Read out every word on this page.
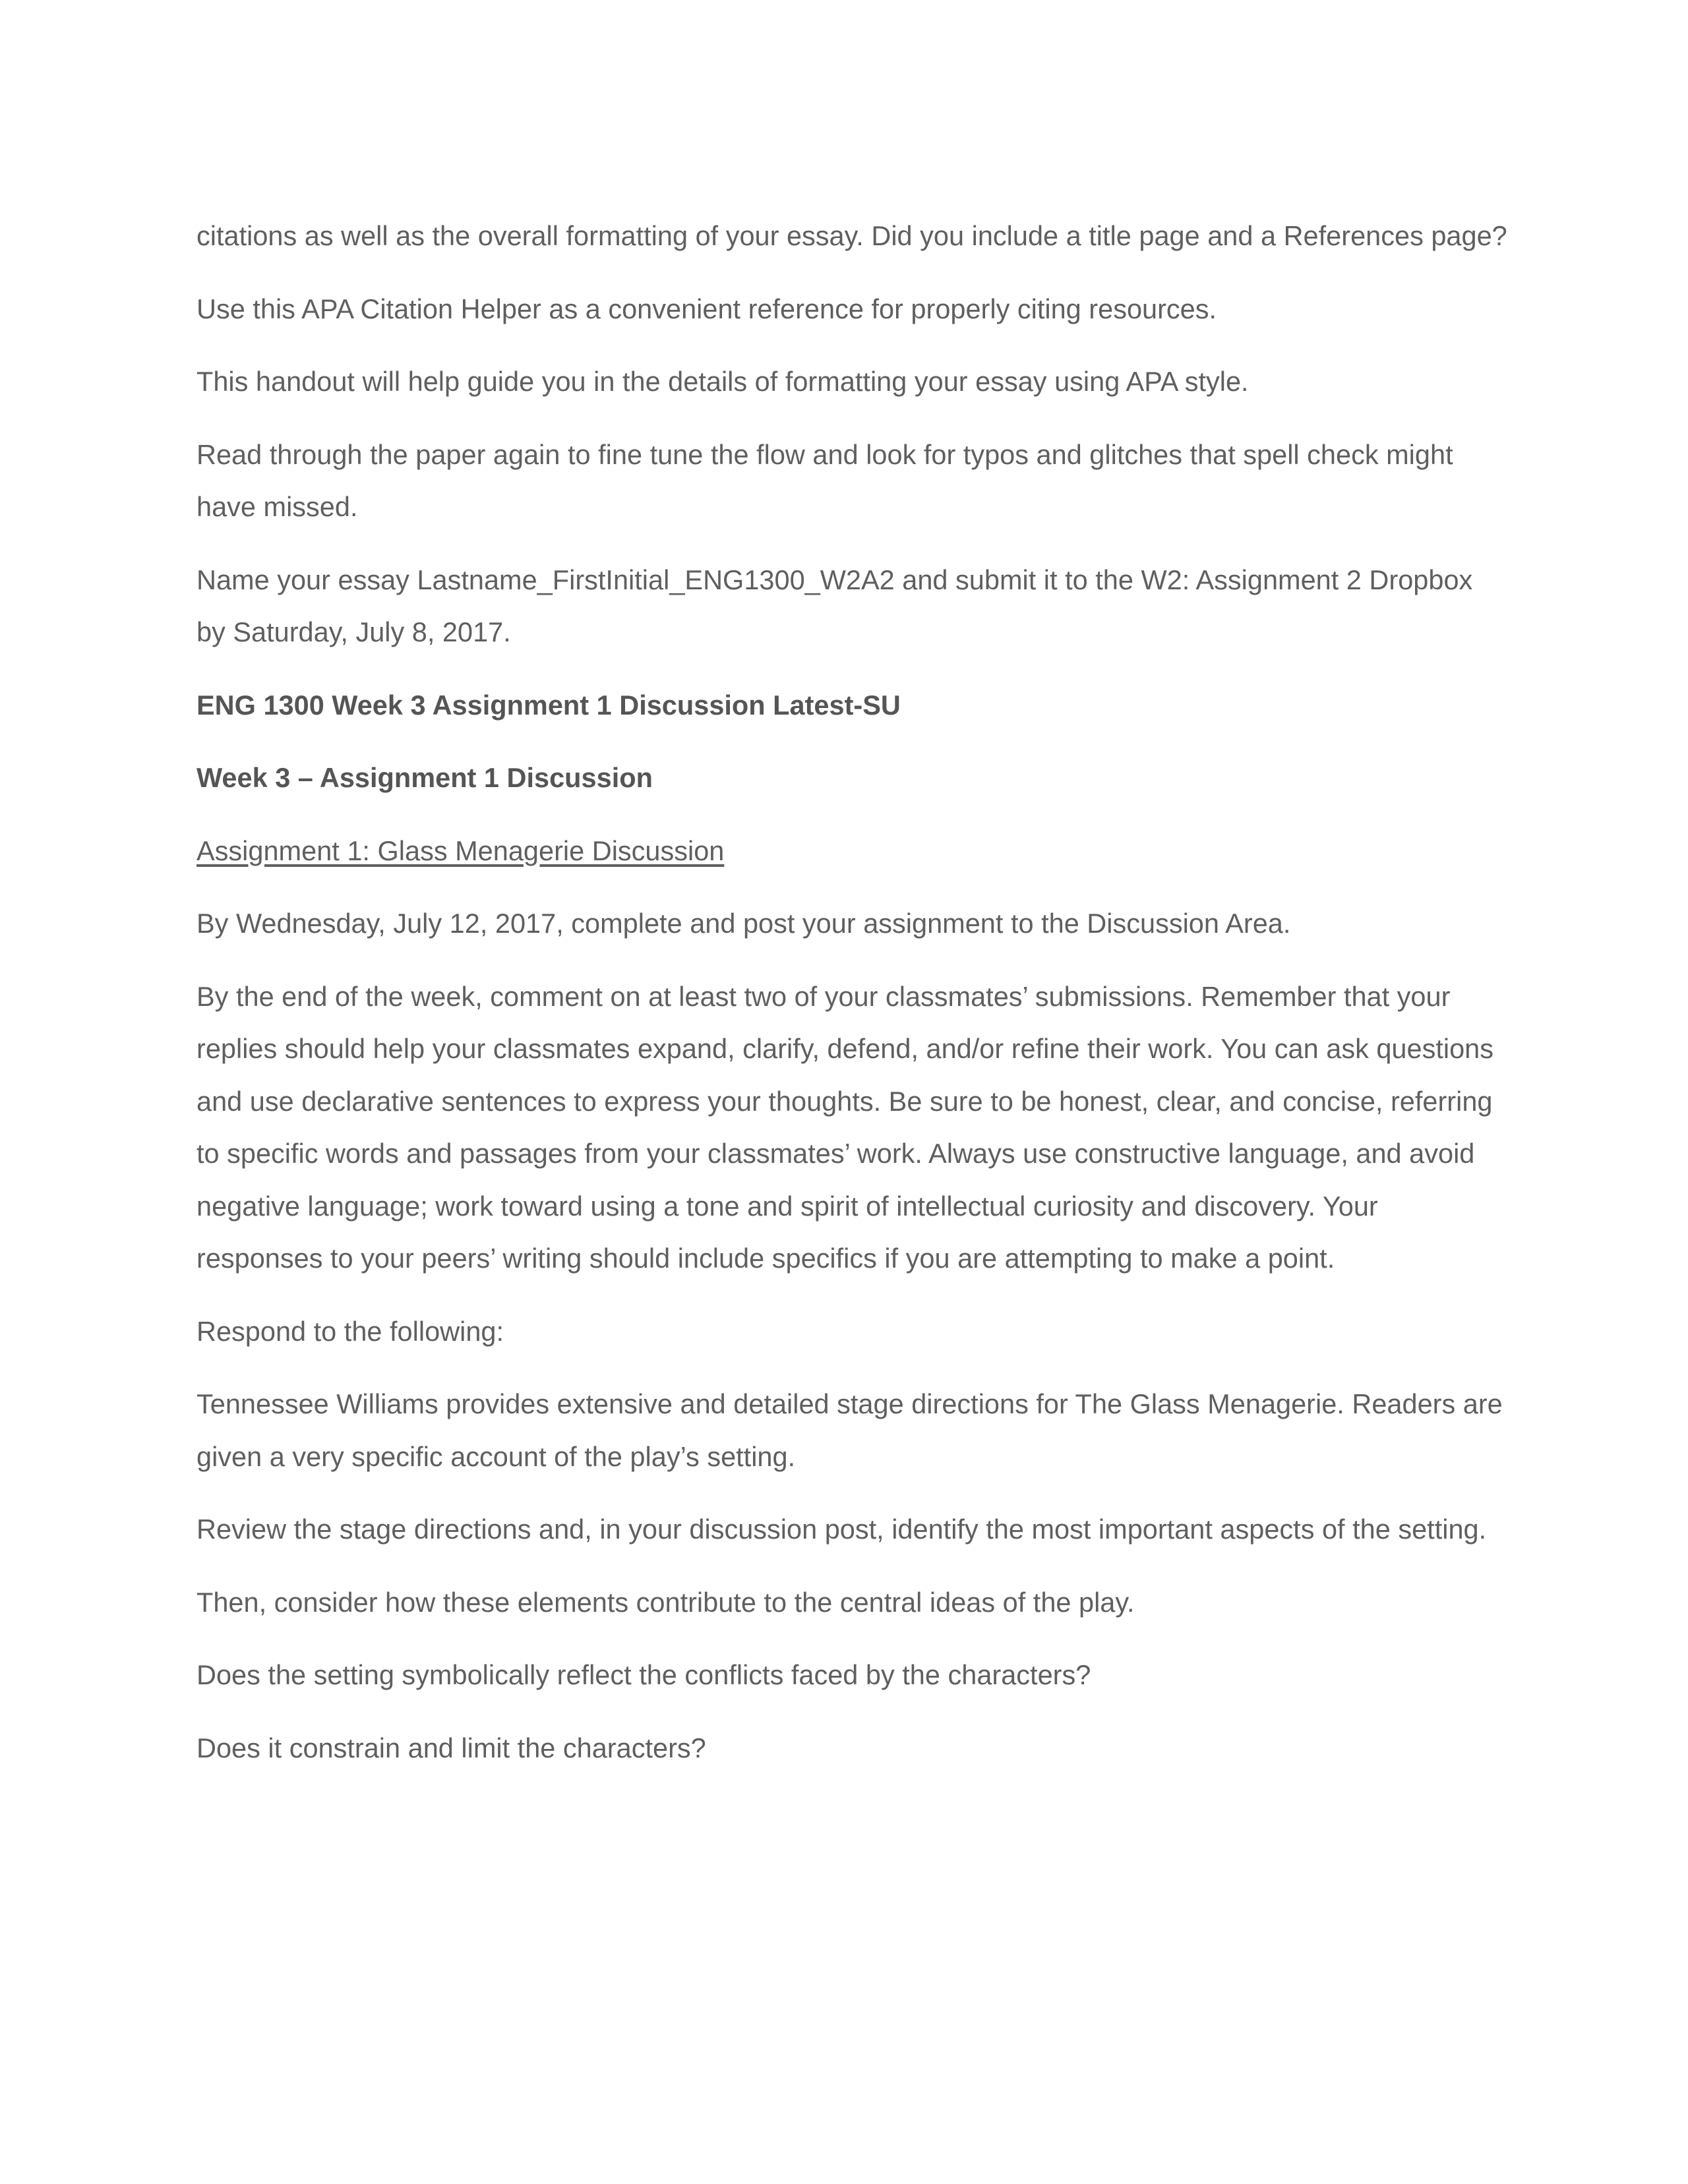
citations as well as the overall formatting of your essay. Did you include a title page and a References page?

Use this APA Citation Helper as a convenient reference for properly citing resources.

This handout will help guide you in the details of formatting your essay using APA style.

Read through the paper again to fine tune the flow and look for typos and glitches that spell check might have missed.

Name your essay Lastname_FirstInitial_ENG1300_W2A2 and submit it to the W2: Assignment 2 Dropbox by Saturday, July 8, 2017.

ENG 1300 Week 3 Assignment 1 Discussion Latest-SU

Week 3 – Assignment 1 Discussion

Assignment 1: Glass Menagerie Discussion

By Wednesday, July 12, 2017, complete and post your assignment to the Discussion Area.

By the end of the week, comment on at least two of your classmates’ submissions. Remember that your replies should help your classmates expand, clarify, defend, and/or refine their work. You can ask questions and use declarative sentences to express your thoughts. Be sure to be honest, clear, and concise, referring to specific words and passages from your classmates’ work. Always use constructive language, and avoid negative language; work toward using a tone and spirit of intellectual curiosity and discovery. Your responses to your peers’ writing should include specifics if you are attempting to make a point.

Respond to the following:

Tennessee Williams provides extensive and detailed stage directions for The Glass Menagerie. Readers are given a very specific account of the play’s setting.

Review the stage directions and, in your discussion post, identify the most important aspects of the setting.

Then, consider how these elements contribute to the central ideas of the play.

Does the setting symbolically reflect the conflicts faced by the characters?

Does it constrain and limit the characters?
